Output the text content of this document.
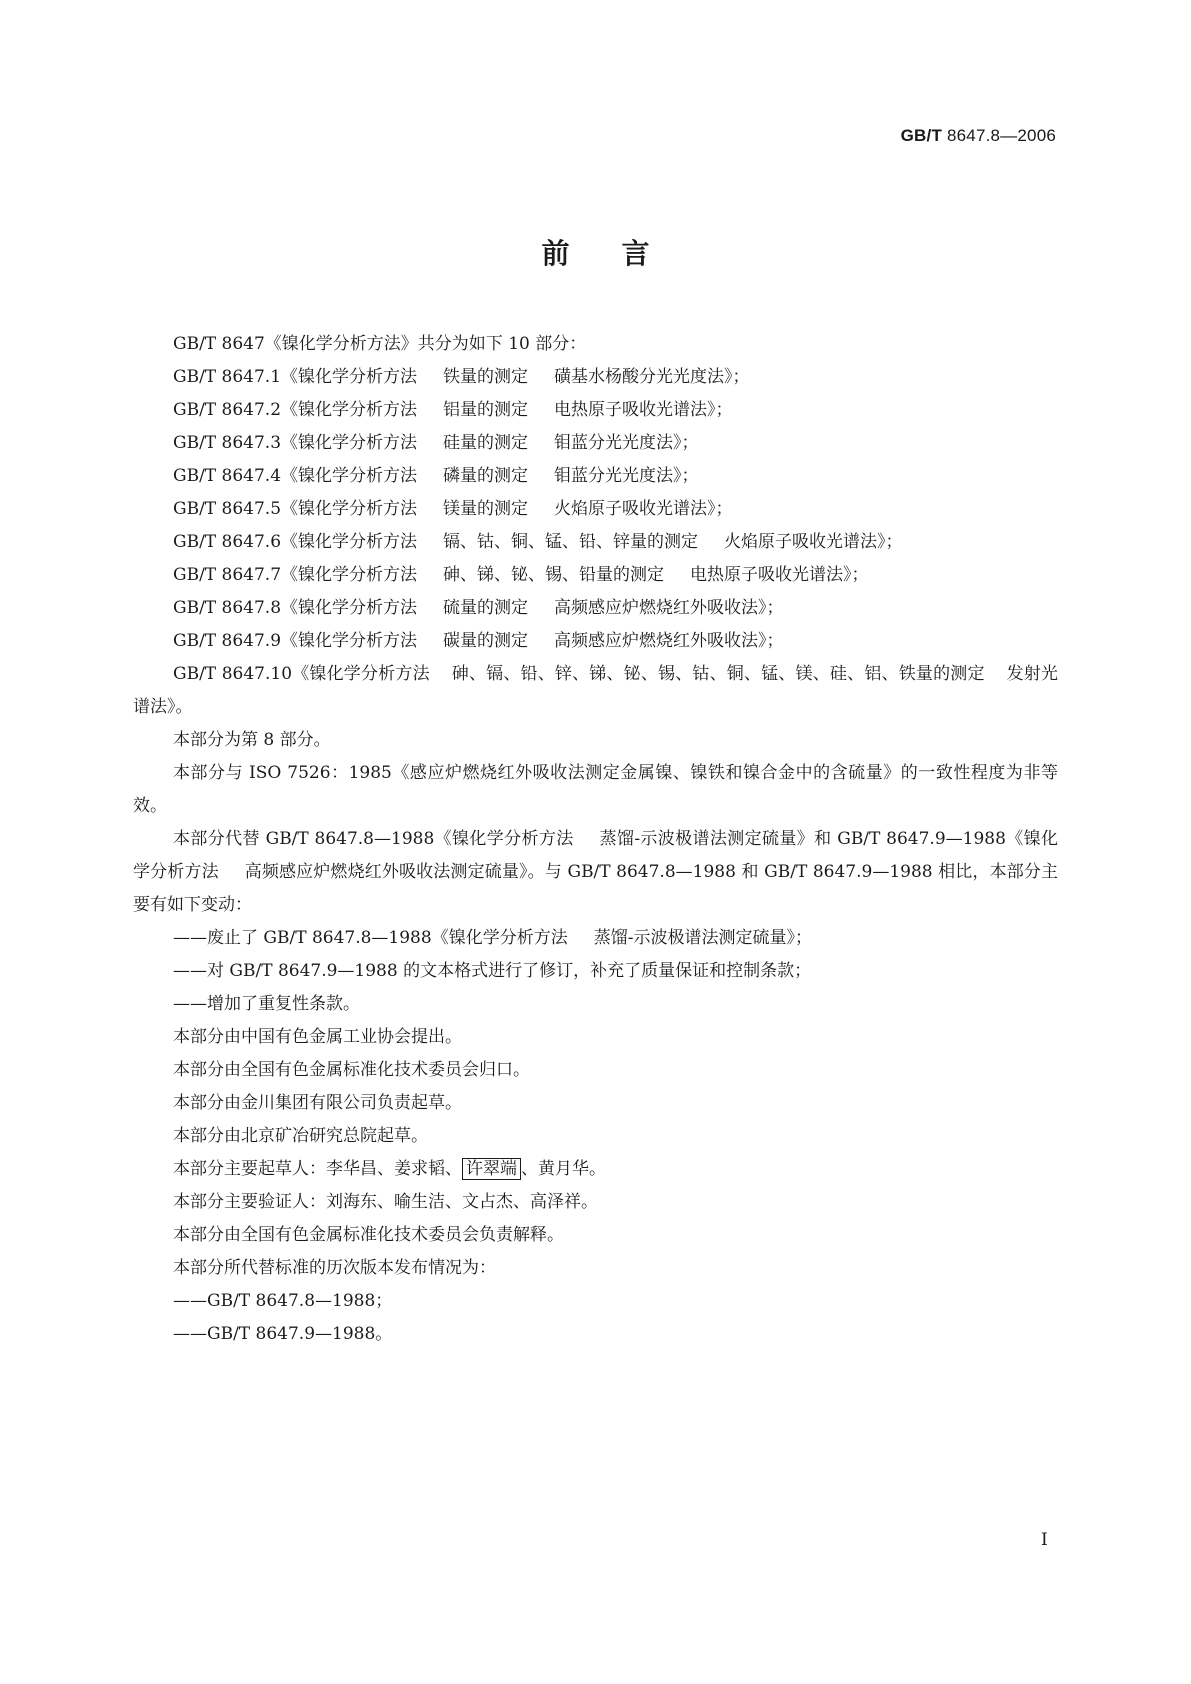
GB/T 8647.8—2006
前言

GB/T 8647《镍化学分析方法》共分为如下 10 部分：

GB/T 8647.1《镍化学分析方法 铁量的测定 磺基水杨酸分光光度法》；

GB/T 8647.2《镍化学分析方法 铝量的测定 电热原子吸收光谱法》；

GB/T 8647.3《镍化学分析方法 硅量的测定 钼蓝分光光度法》；

GB/T 8647.4《镍化学分析方法 磷量的测定 钼蓝分光光度法》；

GB/T 8647.5《镍化学分析方法 镁量的测定 火焰原子吸收光谱法》；

GB/T 8647.6《镍化学分析方法 镉、钴、铜、锰、铅、锌量的测定 火焰原子吸收光谱法》；

GB/T 8647.7《镍化学分析方法 砷、锑、铋、锡、铅量的测定 电热原子吸收光谱法》；

GB/T 8647.8《镍化学分析方法 硫量的测定 高频感应炉燃烧红外吸收法》；

GB/T 8647.9《镍化学分析方法 碳量的测定 高频感应炉燃烧红外吸收法》；

GB/T 8647.10《镍化学分析方法 砷、镉、铅、锌、锑、铋、锡、钴、铜、锰、镁、硅、铝、铁量的测定 发射光谱法》。

本部分为第 8 部分。

本部分与 ISO 7526：1985《感应炉燃烧红外吸收法测定金属镍、镍铁和镍合金中的含硫量》的一致性程度为非等效。

本部分代替 GB/T 8647.8—1988《镍化学分析方法 蒸馏-示波极谱法测定硫量》和 GB/T 8647.9—1988《镍化学分析方法 高频感应炉燃烧红外吸收法测定硫量》。与 GB/T 8647.8—1988 和 GB/T 8647.9—1988 相比，本部分主要有如下变动：

——废止了 GB/T 8647.8—1988《镍化学分析方法 蒸馏-示波极谱法测定硫量》；

——对 GB/T 8647.9—1988 的文本格式进行了修订，补充了质量保证和控制条款；

——增加了重复性条款。

本部分由中国有色金属工业协会提出。

本部分由全国有色金属标准化技术委员会归口。

本部分由金川集团有限公司负责起草。

本部分由北京矿冶研究总院起草。

本部分主要起草人：李华昌、姜求韬、 许翠端 、黄月华。

本部分主要验证人：刘海东、喻生洁、文占杰、高泽祥。

本部分由全国有色金属标准化技术委员会负责解释。

本部分所代替标准的历次版本发布情况为：

——GB/T 8647.8—1988；

——GB/T 8647.9—1988。

I
